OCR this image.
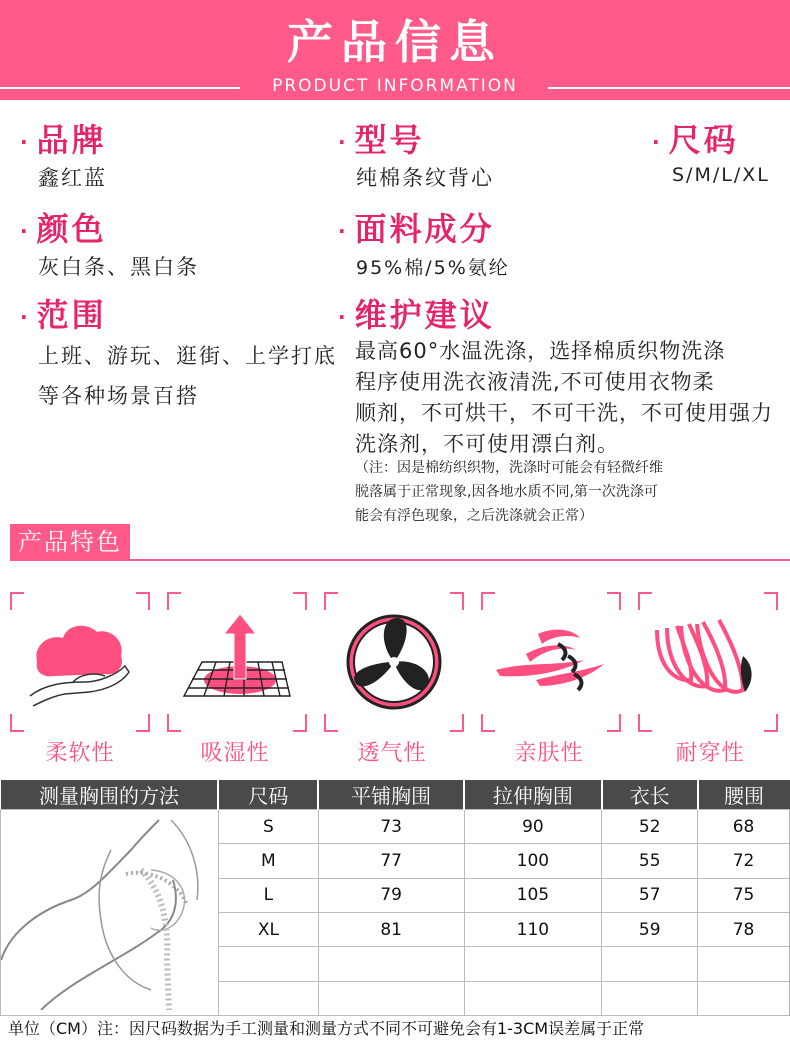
产品信息
PRODUCT INFORMATION
· 品牌
鑫红蓝
· 型号
纯棉条纹背心
· 尺码
S/M/L/XL
· 颜色
灰白条、黑白条
· 面料成分
95%棉/5%氨纶
· 范围
上班、游玩、逛街、上学打底
等各种场景百搭
· 维护建议
最高60°水温洗涤，选择棉质织物洗涤
程序使用洗衣液清洗,不可使用衣物柔
顺剂，不可烘干，不可干洗，不可使用强力
洗涤剂，不可使用漂白剂。
（注：因是棉纺织织物，洗涤时可能会有轻微纤维
脱落属于正常现象,因各地水质不同,第一次洗涤可
能会有浮色现象，之后洗涤就会正常）
产品特色
柔软性	吸湿性	透气性	亲肤性	耐穿性
测量胸围的方法	尺码	平铺胸围	拉伸胸围	衣长	腰围
	S	73	90	52	68
	M	77	100	55	72
	L	79	105	57	75
	XL	81	110	59	78

单位（CM）注：因尺码数据为手工测量和测量方式不同不可避免会有1-3CM误差属于正常
